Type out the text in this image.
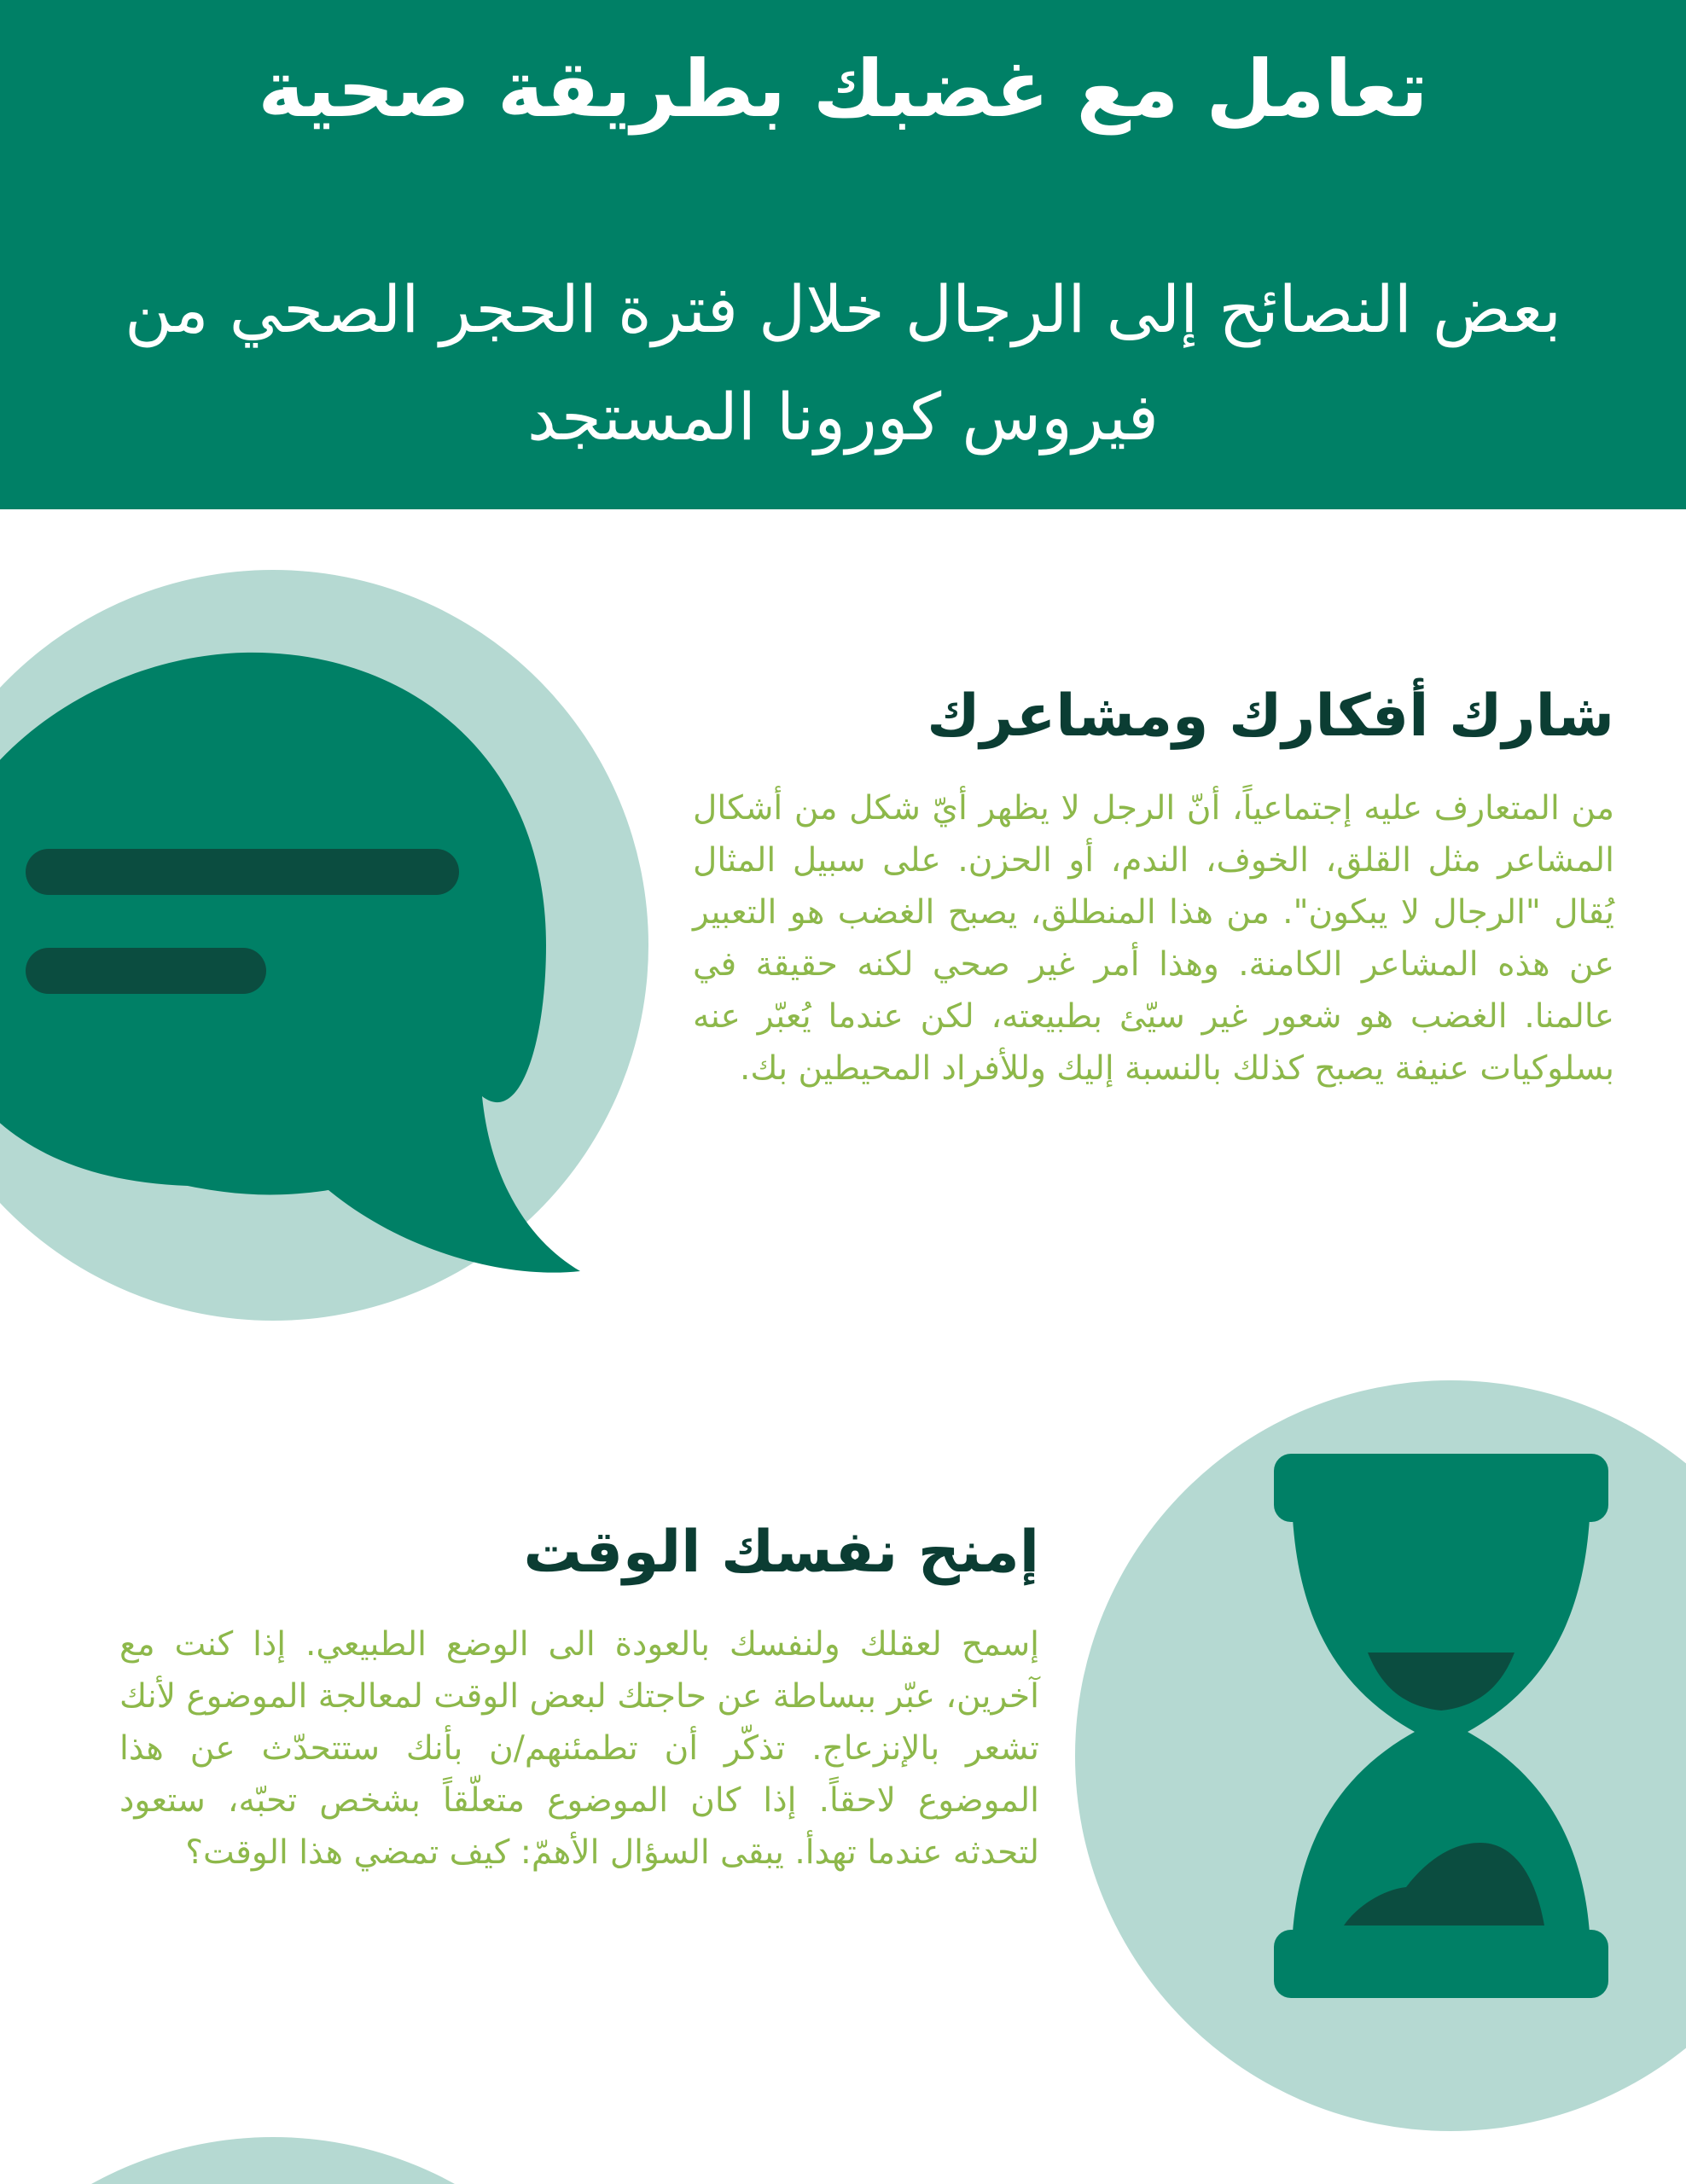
تعامل مع غضبك بطريقة صحية
بعض النصائح إلى الرجال خلال فترة الحجر الصحي من فيروس كورونا المستجد
شارك أفكارك ومشاعرك
من المتعارف عليه إجتماعياً، أنّ الرجل لا يظهر أيّ شكل من أشكال المشاعر مثل القلق، الخوف، الندم، أو الحزن. على سبيل المثال يُقال "الرجال لا يبكون". من هذا المنطلق، يصبح الغضب هو التعبير عن هذه المشاعر الكامنة. وهذا أمر غير صحي لكنه حقيقة في عالمنا. الغضب هو شعور غير سيّئ بطبيعته، لكن عندما يُعبّر عنه بسلوكيات عنيفة يصبح كذلك بالنسبة إليك وللأفراد المحيطين بك.
إمنح نفسك الوقت
إسمح لعقلك ولنفسك بالعودة الى الوضع الطبيعي. إذا كنت مع آخرين، عبّر ببساطة عن حاجتك لبعض الوقت لمعالجة الموضوع لأنك تشعر بالإنزعاج. تذكّر أن تطمئنهم/ن بأنك ستتحدّث عن هذا الموضوع لاحقاً. إذا كان الموضوع متعلّقاً بشخص تحبّه، ستعود لتحدثه عندما تهدأ. يبقى السؤال الأهمّ: كيف تمضي هذا الوقت؟
